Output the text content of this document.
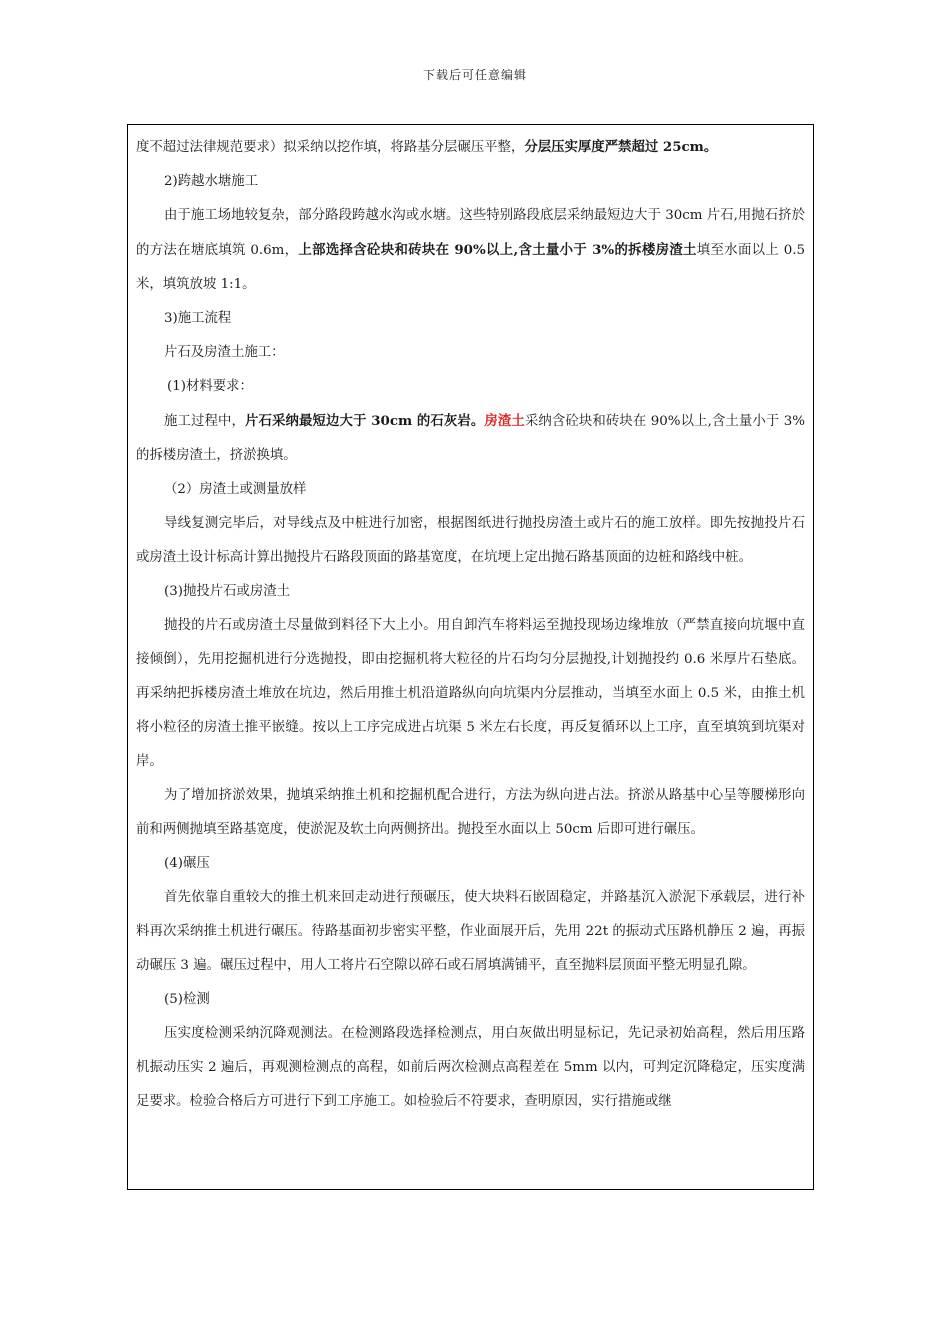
下载后可任意编辑

度不超过法律规范要求）拟采纳以挖作填，将路基分层碾压平整，分层压实厚度严禁超过 25cm。

2)跨越水塘施工

由于施工场地较复杂，部分路段跨越水沟或水塘。这些特别路段底层采纳最短边大于 30cm 片石,用抛石挤於的方法在塘底填筑 0.6m，上部选择含砼块和砖块在 90%以上,含土量小于 3%的拆楼房渣土填至水面以上 0.5 米，填筑放坡 1:1。

3)施工流程

片石及房渣土施工：

(1)材料要求：

施工过程中，片石采纳最短边大于 30cm 的石灰岩。房渣土采纳含砼块和砖块在 90%以上,含土量小于 3%的拆楼房渣土，挤淤换填。

（2）房渣土或测量放样

导线复测完毕后，对导线点及中桩进行加密，根据图纸进行抛投房渣土或片石的施工放样。即先按抛投片石或房渣土设计标高计算出抛投片石路段顶面的路基宽度，在坑埂上定出抛石路基顶面的边桩和路线中桩。

(3)抛投片石或房渣土

抛投的片石或房渣土尽量做到料径下大上小。用自卸汽车将料运至抛投现场边缘堆放（严禁直接向坑堰中直接倾倒），先用挖掘机进行分选抛投，即由挖掘机将大粒径的片石均匀分层抛投,计划抛投约 0.6 米厚片石垫底。再采纳把拆楼房渣土堆放在坑边，然后用推土机沿道路纵向向坑渠内分层推动，当填至水面上 0.5 米，由推土机将小粒径的房渣土推平嵌缝。按以上工序完成进占坑渠 5 米左右长度，再反复循环以上工序，直至填筑到坑渠对岸。

为了增加挤淤效果，抛填采纳推土机和挖掘机配合进行，方法为纵向进占法。挤淤从路基中心呈等腰梯形向前和两侧抛填至路基宽度，使淤泥及软土向两侧挤出。抛投至水面以上 50cm 后即可进行碾压。

(4)碾压

首先依靠自重较大的推土机来回走动进行预碾压，使大块料石嵌固稳定，并路基沉入淤泥下承载层，进行补料再次采纳推土机进行碾压。待路基面初步密实平整，作业面展开后，先用 22t 的振动式压路机静压 2 遍，再振动碾压 3 遍。碾压过程中，用人工将片石空隙以碎石或石屑填满铺平，直至抛料层顶面平整无明显孔隙。

(5)检测

压实度检测采纳沉降观测法。在检测路段选择检测点，用白灰做出明显标记，先记录初始高程，然后用压路机振动压实 2 遍后，再观测检测点的高程，如前后两次检测点高程差在 5mm 以内，可判定沉降稳定，压实度满足要求。检验合格后方可进行下到工序施工。如检验后不符要求，查明原因，实行措施或继
